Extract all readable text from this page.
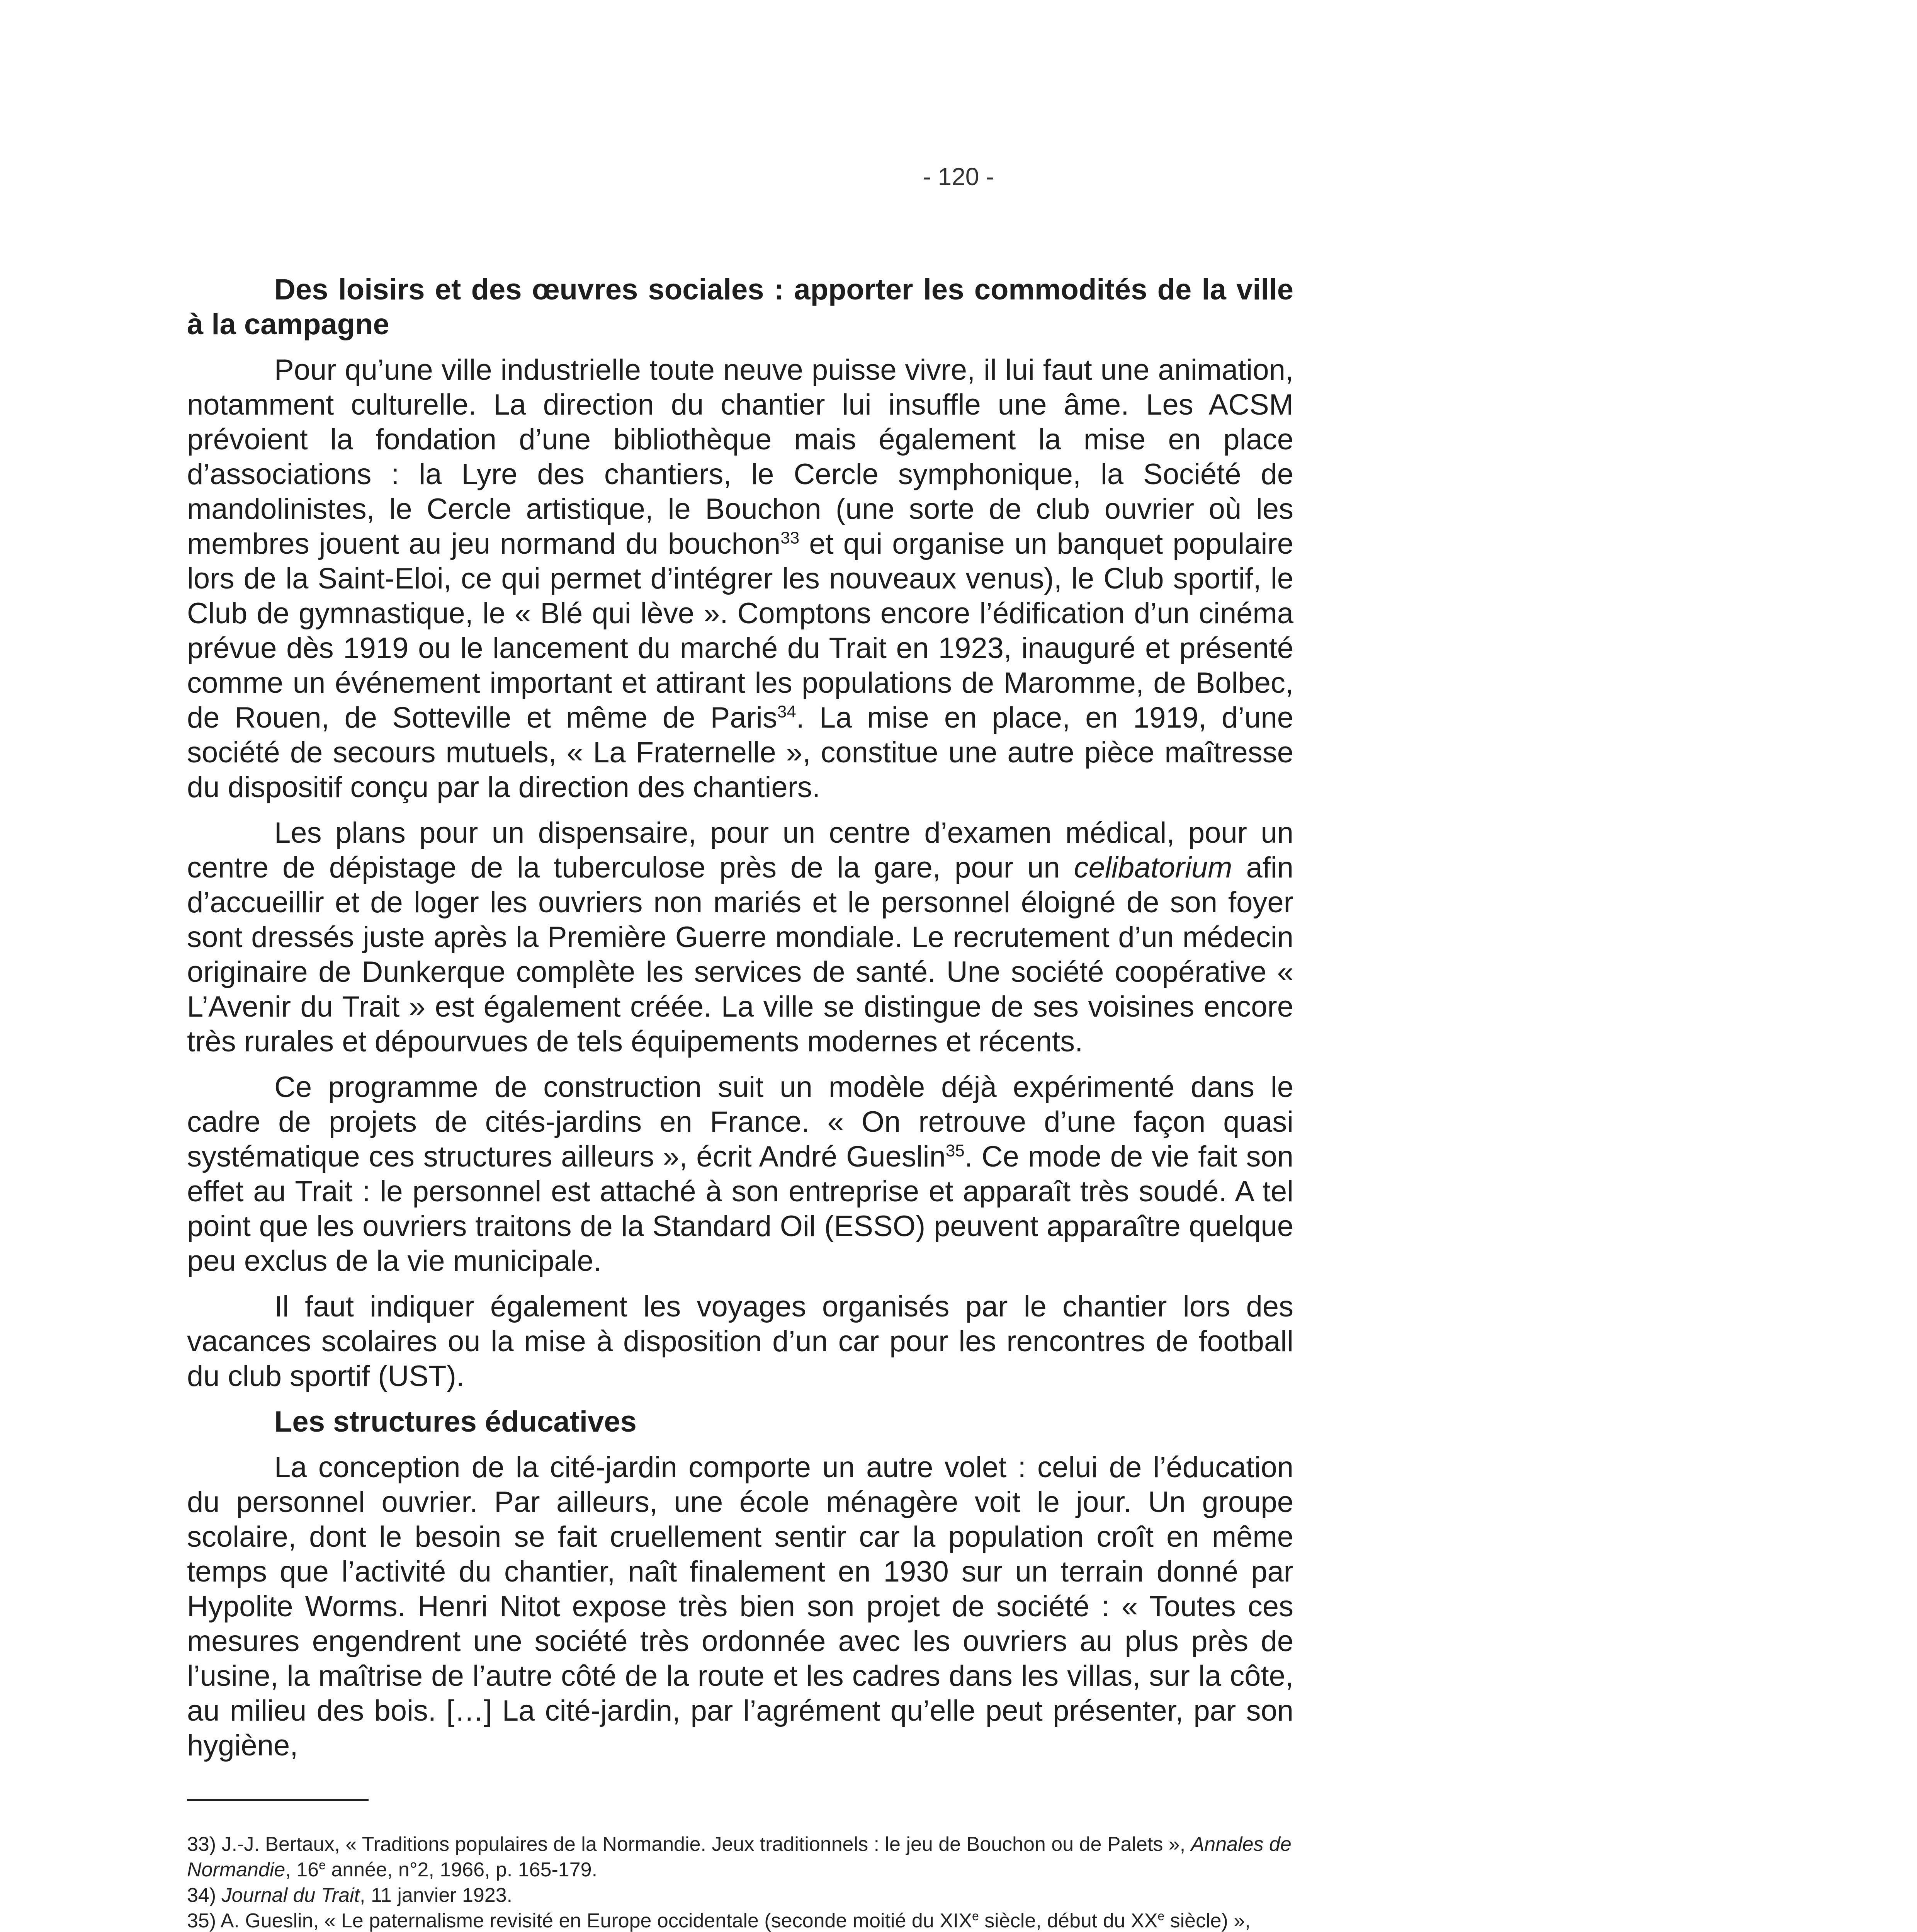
- 120 -

Des loisirs et des œuvres sociales : apporter les commodités de la ville à la campagne

Pour qu’une ville industrielle toute neuve puisse vivre, il lui faut une animation, notamment culturelle. La direction du chantier lui insuffle une âme. Les ACSM prévoient la fondation d’une bibliothèque mais également la mise en place d’associations : la Lyre des chantiers, le Cercle symphonique, la Société de mandolinistes, le Cercle artistique, le Bouchon (une sorte de club ouvrier où les membres jouent au jeu normand du bouchon$^{33}$ et qui organise un banquet populaire lors de la Saint-Eloi, ce qui permet d’intégrer les nouveaux venus), le Club sportif, le Club de gymnastique, le « Blé qui lève ». Comptons encore l’édification d’un cinéma prévue dès 1919 ou le lancement du marché du Trait en 1923, inauguré et présenté comme un événement important et attirant les populations de Maromme, de Bolbec, de Rouen, de Sotteville et même de Paris$^{34}$. La mise en place, en 1919, d’une société de secours mutuels, « La Fraternelle », constitue une autre pièce maîtresse du dispositif conçu par la direction des chantiers.

Les plans pour un dispensaire, pour un centre d’examen médical, pour un centre de dépistage de la tuberculose près de la gare, pour un celibatorium afin d’accueillir et de loger les ouvriers non mariés et le personnel éloigné de son foyer sont dressés juste après la Première Guerre mondiale. Le recrutement d’un médecin originaire de Dunkerque complète les services de santé. Une société coopérative « L’Avenir du Trait » est également créée. La ville se distingue de ses voisines encore très rurales et dépourvues de tels équipements modernes et récents.

Ce programme de construction suit un modèle déjà expérimenté dans le cadre de projets de cités-jardins en France. « On retrouve d’une façon quasi systématique ces structures ailleurs », écrit André Gueslin$^{35}$. Ce mode de vie fait son effet au Trait : le personnel est attaché à son entreprise et apparaît très soudé. A tel point que les ouvriers traitons de la Standard Oil (ESSO) peuvent apparaître quelque peu exclus de la vie municipale.

Il faut indiquer également les voyages organisés par le chantier lors des vacances scolaires ou la mise à disposition d’un car pour les rencontres de football du club sportif (UST).

Les structures éducatives

La conception de la cité-jardin comporte un autre volet : celui de l’éducation du personnel ouvrier. Par ailleurs, une école ménagère voit le jour. Un groupe scolaire, dont le besoin se fait cruellement sentir car la population croît en même temps que l’activité du chantier, naît finalement en 1930 sur un terrain donné par Hypolite Worms. Henri Nitot expose très bien son projet de société : « Toutes ces mesures engendrent une société très ordonnée avec les ouvriers au plus près de l’usine, la maîtrise de l’autre côté de la route et les cadres dans les villas, sur la côte, au milieu des bois. […] La cité-jardin, par l’agrément qu’elle peut présenter, par son hygiène,

33) J.-J. Bertaux, « Traditions populaires de la Normandie. Jeux traditionnels : le jeu de Bouchon ou de Palets », Annales de Normandie, 16e année, n°2, 1966, p. 165-179.

34) Journal du Trait, 11 janvier 1923.

35) A. Gueslin, « Le paternalisme revisité en Europe occidentale (seconde moitié du XIXe siècle, début du XXe siècle) »,
